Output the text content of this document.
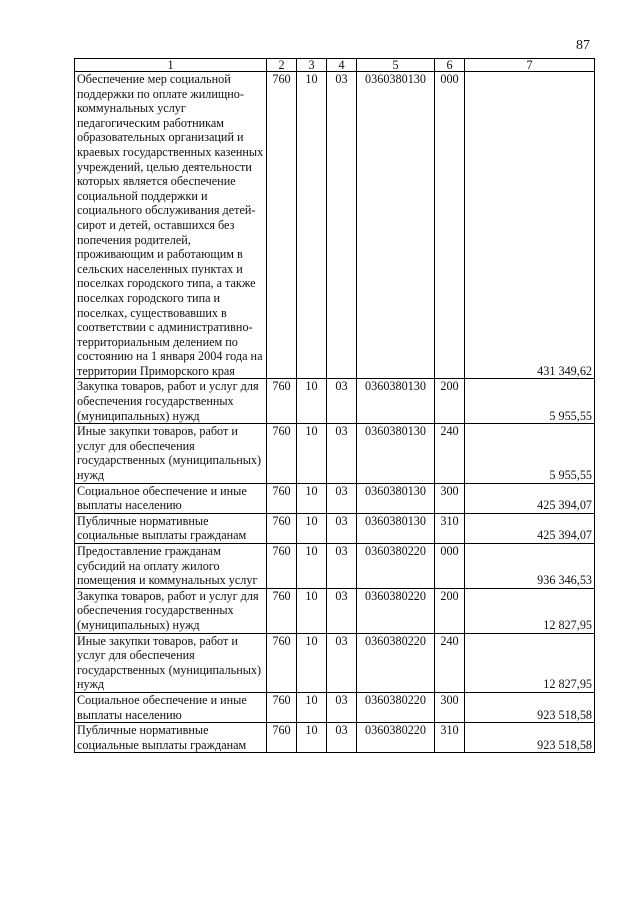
87
1	2	3	4	5	6	7
Обеспечение мер социальной поддержки по оплате жилищно-коммунальных услуг педагогическим работникам образовательных организаций и краевых государственных казенных учреждений, целью деятельности которых является обеспечение социальной поддержки и социального обслуживания детей-сирот и детей, оставшихся без попечения родителей, проживающим и работающим в сельских населенных пунктах и поселках городского типа, а также поселках городского типа и поселках, существовавших в соответствии с административно-территориальным делением по состоянию на 1 января 2004 года на территории Приморского края	760	10	03	0360380130	000	431 349,62
Закупка товаров, работ и услуг для обеспечения государственных (муниципальных) нужд	760	10	03	0360380130	200	5 955,55
Иные закупки товаров, работ и услуг для обеспечения государственных (муниципальных) нужд	760	10	03	0360380130	240	5 955,55
Социальное обеспечение и иные выплаты населению	760	10	03	0360380130	300	425 394,07
Публичные нормативные социальные выплаты гражданам	760	10	03	0360380130	310	425 394,07
Предоставление гражданам субсидий на оплату жилого помещения и коммунальных услуг	760	10	03	0360380220	000	936 346,53
Закупка товаров, работ и услуг для обеспечения государственных (муниципальных) нужд	760	10	03	0360380220	200	12 827,95
Иные закупки товаров, работ и услуг для обеспечения государственных (муниципальных) нужд	760	10	03	0360380220	240	12 827,95
Социальное обеспечение и иные выплаты населению	760	10	03	0360380220	300	923 518,58
Публичные нормативные социальные выплаты гражданам	760	10	03	0360380220	310	923 518,58
